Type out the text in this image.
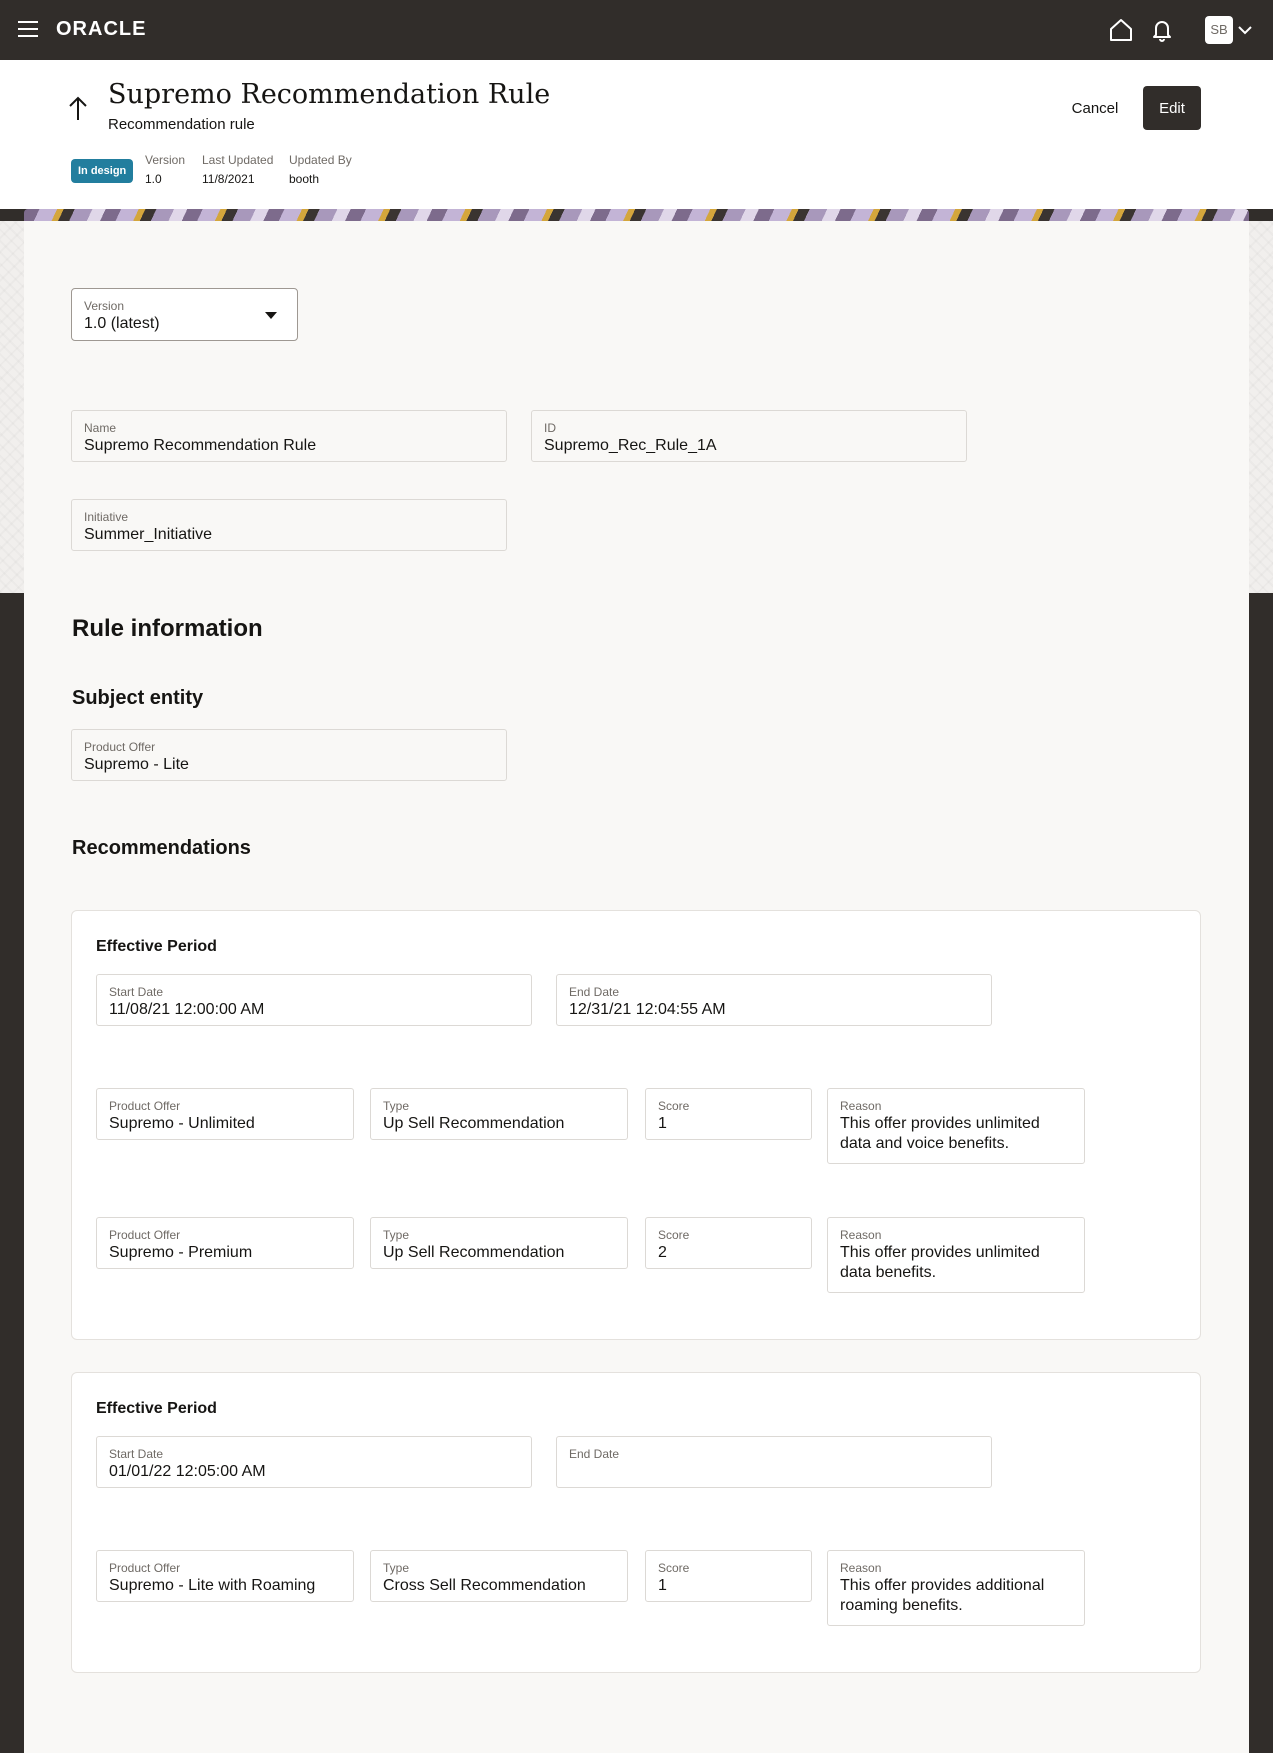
ORACLE	SB
Supremo Recommendation Rule
Recommendation rule
Cancel	Edit
In design
Version
1.0
Last Updated
11/8/2021
Updated By
booth
Version
1.0 (latest)
Name
Supremo Recommendation Rule
ID
Supremo_Rec_Rule_1A
Initiative
Summer_Initiative
Rule information
Subject entity
Product Offer
Supremo - Lite
Recommendations
Effective Period
Start Date
11/08/21 12:00:00 AM
End Date
12/31/21 12:04:55 AM
Product Offer
Supremo - Unlimited
Type
Up Sell Recommendation
Score
1
Reason
This offer provides unlimited
data and voice benefits.
Product Offer
Supremo - Premium
Type
Up Sell Recommendation
Score
2
Reason
This offer provides unlimited
data benefits.
Effective Period
Start Date
01/01/22 12:05:00 AM
End Date
Product Offer
Supremo - Lite with Roaming
Type
Cross Sell Recommendation
Score
1
Reason
This offer provides additional
roaming benefits.
